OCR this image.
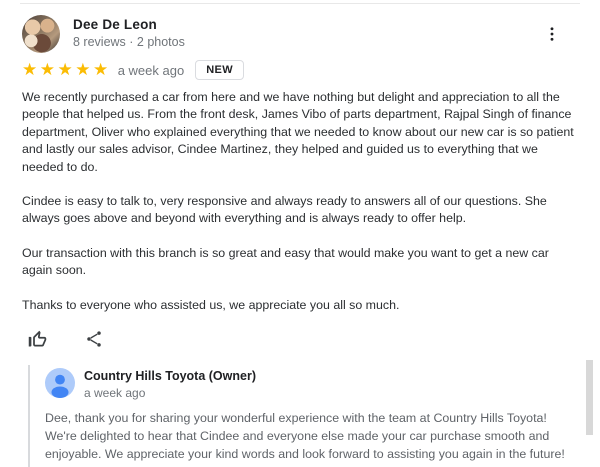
Dee De Leon
8 reviews · 2 photos
★★★★★ a week ago	NEW

We recently purchased a car from here and we have nothing but delight and appreciation to all the people that helped us. From the front desk, James Vibo of parts department, Rajpal Singh of finance department, Oliver who explained everything that we needed to know about our new car is so patient and lastly our sales advisor, Cindee Martinez, they helped and guided us to everything that we needed to do.

Cindee is easy to talk to, very responsive and always ready to answers all of our questions. She always goes above and beyond with everything and is always ready to offer help.

Our transaction with this branch is so great and easy that would make you want to get a new car again soon.

Thanks to everyone who assisted us, we appreciate you all so much.

Country Hills Toyota (Owner)
a week ago

Dee, thank you for sharing your wonderful experience with the team at Country Hills Toyota! We're delighted to hear that Cindee and everyone else made your car purchase smooth and enjoyable. We appreciate your kind words and look forward to assisting you again in the future!
